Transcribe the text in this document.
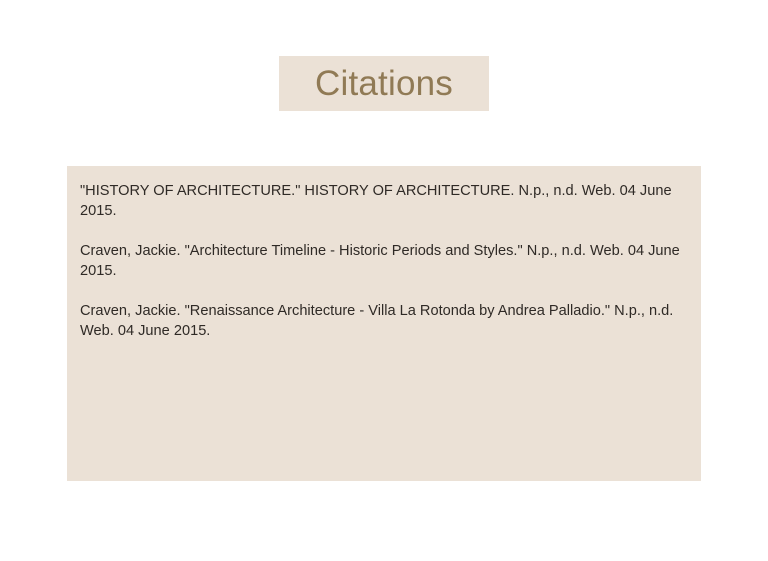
Citations

"HISTORY OF ARCHITECTURE." HISTORY OF ARCHITECTURE. N.p., n.d. Web. 04 June 2015.

Craven, Jackie. "Architecture Timeline - Historic Periods and Styles." N.p., n.d. Web. 04 June 2015.

Craven, Jackie. "Renaissance Architecture - Villa La Rotonda by Andrea Palladio." N.p., n.d. Web. 04 June 2015.
